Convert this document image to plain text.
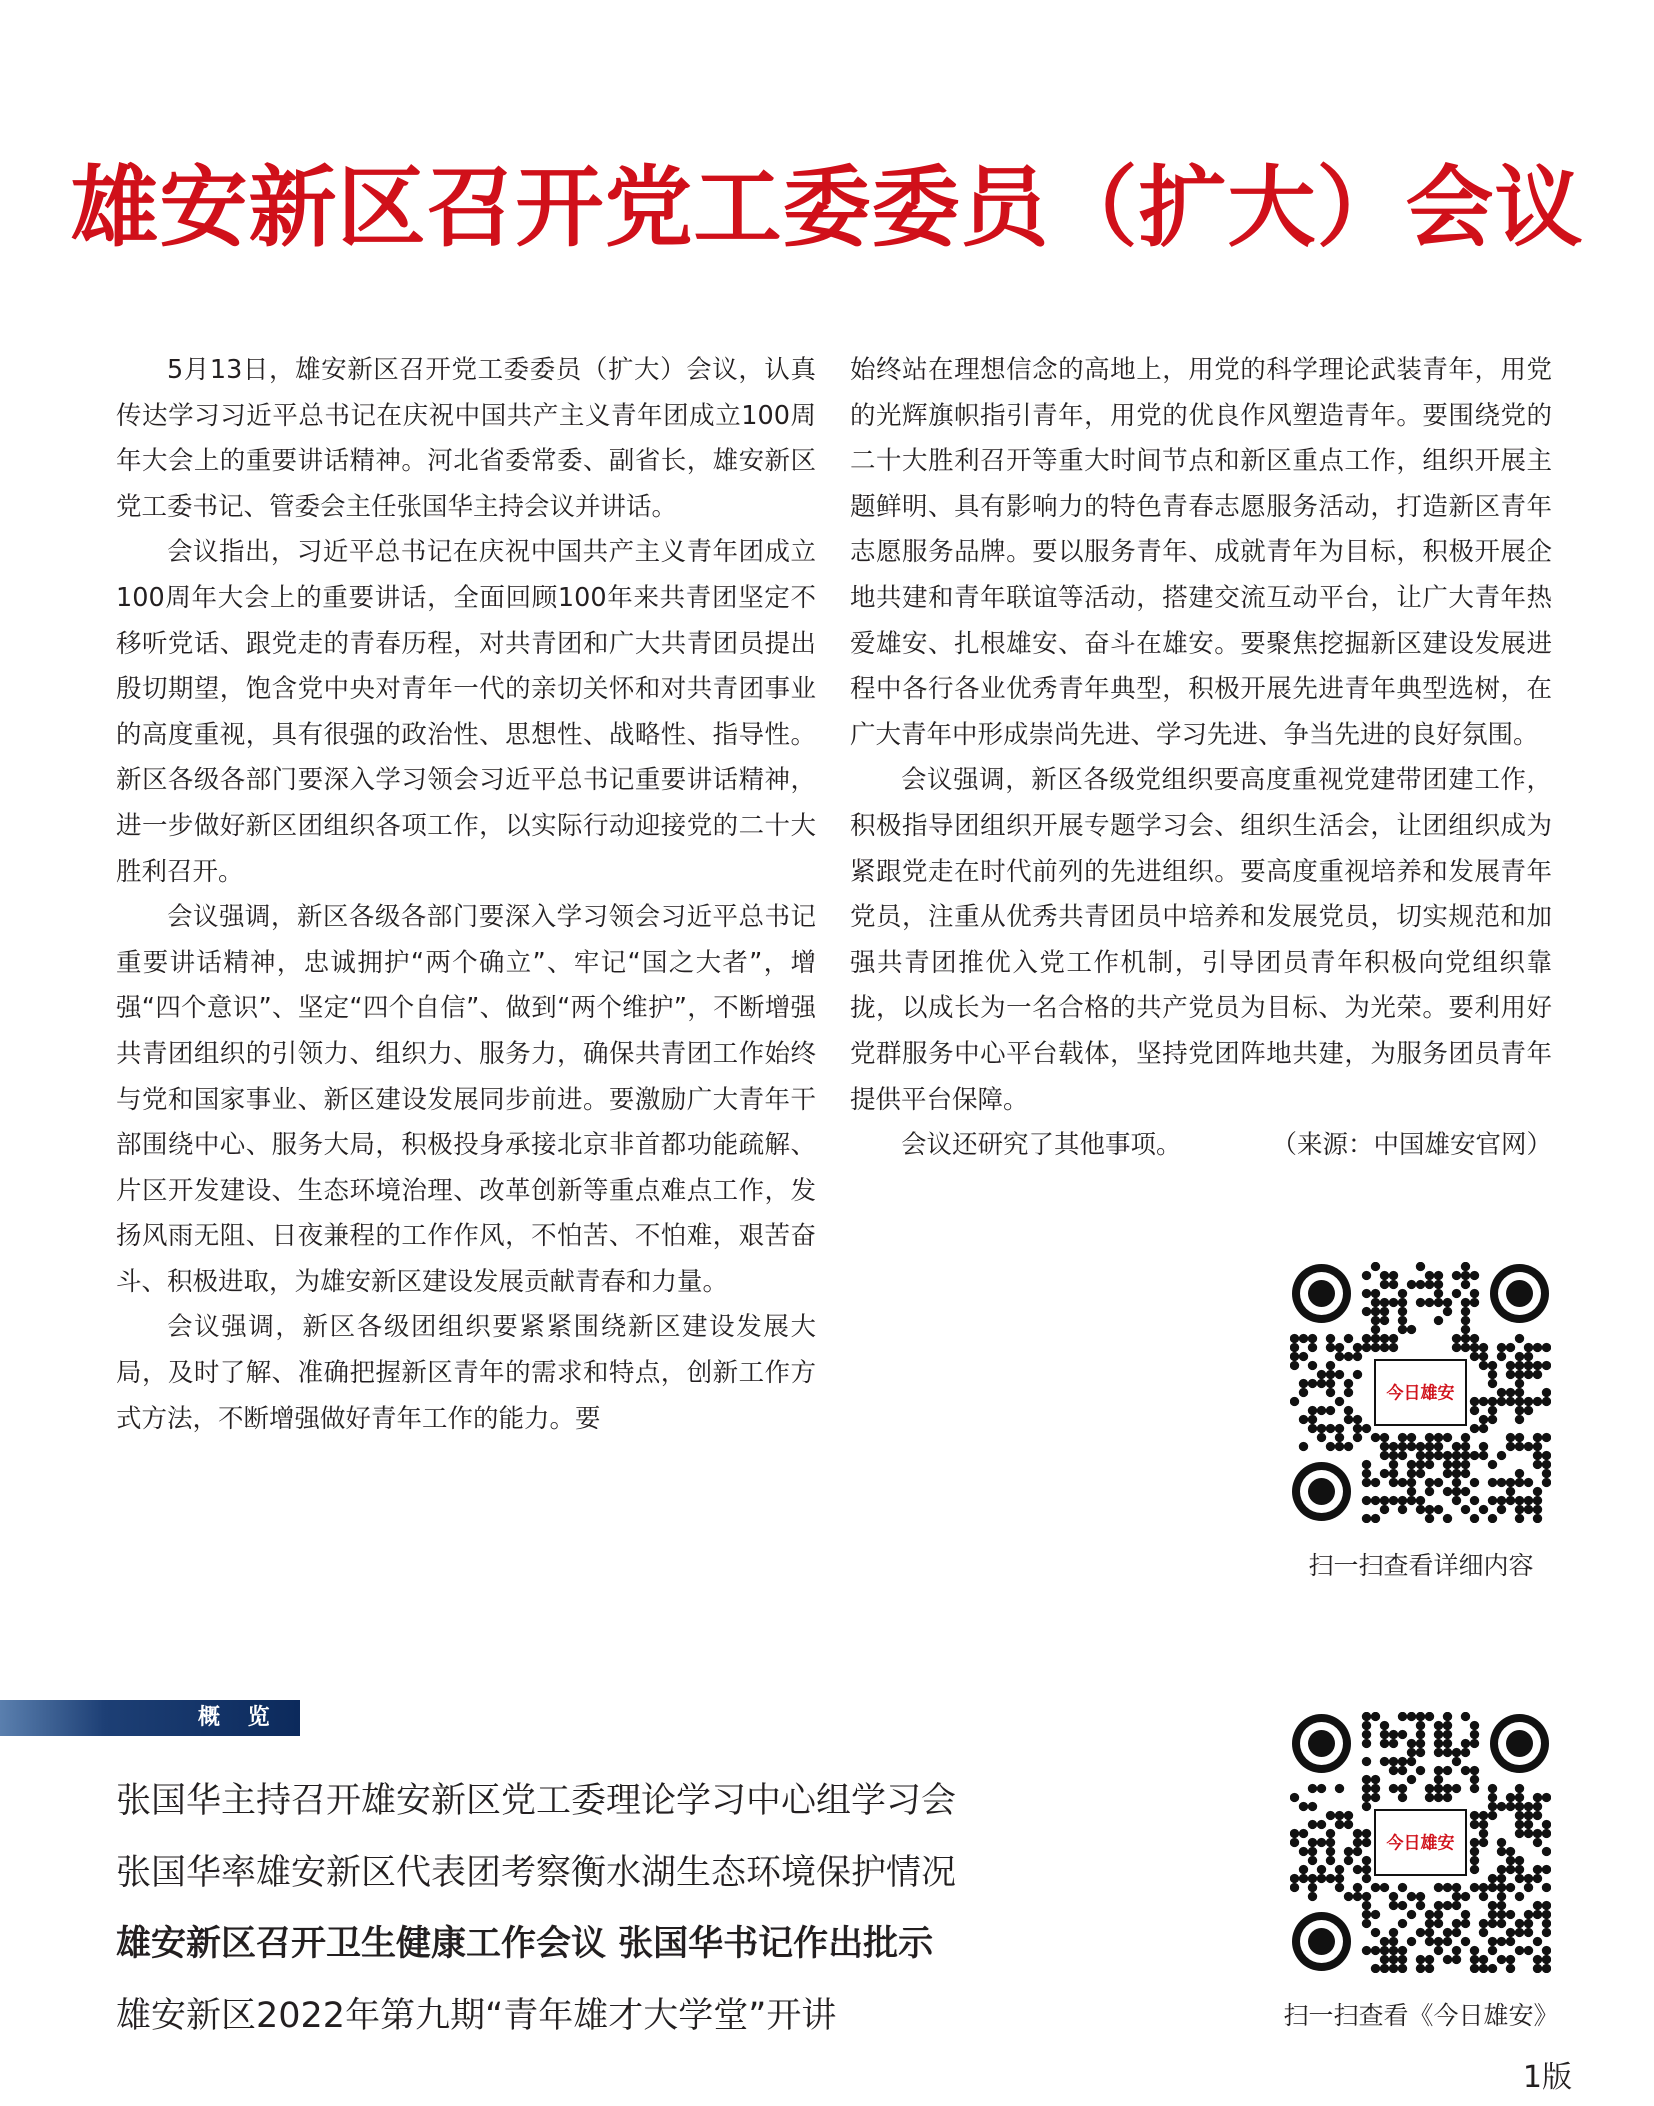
雄安新区召开党工委委员（扩大）会议

5月13日，雄安新区召开党工委委员（扩大）会议，认真传达学习习近平总书记在庆祝中国共产主义青年团成立100周年大会上的重要讲话精神。河北省委常委、副省长，雄安新区党工委书记、管委会主任张国华主持会议并讲话。

会议指出，习近平总书记在庆祝中国共产主义青年团成立100周年大会上的重要讲话，全面回顾100年来共青团坚定不移听党话、跟党走的青春历程，对共青团和广大共青团员提出殷切期望，饱含党中央对青年一代的亲切关怀和对共青团事业的高度重视，具有很强的政治性、思想性、战略性、指导性。新区各级各部门要深入学习领会习近平总书记重要讲话精神，进一步做好新区团组织各项工作，以实际行动迎接党的二十大胜利召开。

会议强调，新区各级各部门要深入学习领会习近平总书记重要讲话精神，忠诚拥护“两个确立”、牢记“国之大者”，增强“四个意识”、坚定“四个自信”、做到“两个维护”，不断增强共青团组织的引领力、组织力、服务力，确保共青团工作始终与党和国家事业、新区建设发展同步前进。要激励广大青年干部围绕中心、服务大局，积极投身承接北京非首都功能疏解、片区开发建设、生态环境治理、改革创新等重点难点工作，发扬风雨无阻、日夜兼程的工作作风，不怕苦、不怕难，艰苦奋斗、积极进取，为雄安新区建设发展贡献青春和力量。

会议强调，新区各级团组织要紧紧围绕新区建设发展大局，及时了解、准确把握新区青年的需求和特点，创新工作方式方法，不断增强做好青年工作的能力。要

始终站在理想信念的高地上，用党的科学理论武装青年，用党的光辉旗帜指引青年，用党的优良作风塑造青年。要围绕党的二十大胜利召开等重大时间节点和新区重点工作，组织开展主题鲜明、具有影响力的特色青春志愿服务活动，打造新区青年志愿服务品牌。要以服务青年、成就青年为目标，积极开展企地共建和青年联谊等活动，搭建交流互动平台，让广大青年热爱雄安、扎根雄安、奋斗在雄安。要聚焦挖掘新区建设发展进程中各行各业优秀青年典型，积极开展先进青年典型选树，在广大青年中形成崇尚先进、学习先进、争当先进的良好氛围。

会议强调，新区各级党组织要高度重视党建带团建工作，积极指导团组织开展专题学习会、组织生活会，让团组织成为紧跟党走在时代前列的先进组织。要高度重视培养和发展青年党员，注重从优秀共青团员中培养和发展党员，切实规范和加强共青团推优入党工作机制，引导团员青年积极向党组织靠拢，以成长为一名合格的共产党员为目标、为光荣。要利用好党群服务中心平台载体，坚持党团阵地共建，为服务团员青年提供平台保障。

会议还研究了其他事项。	（来源：中国雄安官网）

今日雄安
扫一扫查看详细内容
今日雄安
扫一扫查看《今日雄安》
概 览
张国华主持召开雄安新区党工委理论学习中心组学习会
张国华率雄安新区代表团考察衡水湖生态环境保护情况
雄安新区召开卫生健康工作会议 张国华书记作出批示
雄安新区2022年第九期“青年雄才大学堂”开讲
1版
